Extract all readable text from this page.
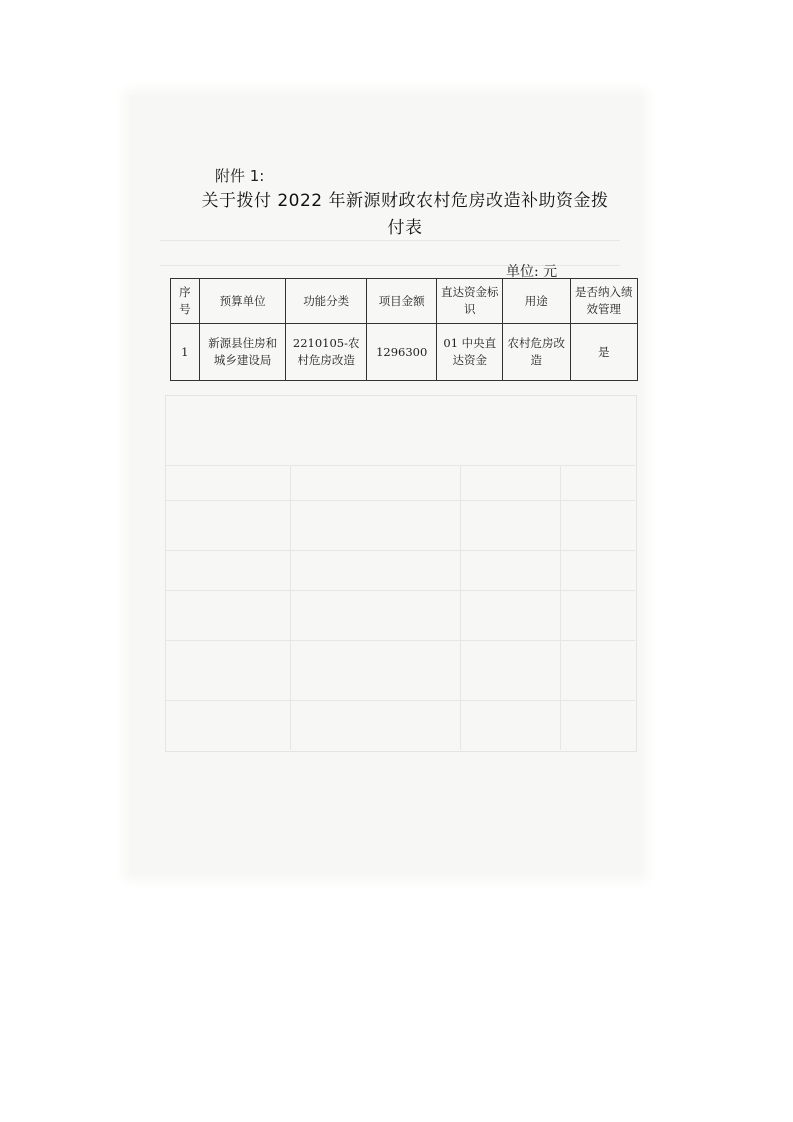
附件 1:
关于拨付 2022 年新源财政农村危房改造补助资金拨付表
单位: 元
序号	预算单位	功能分类	项目金额	直达资金标识	用途	是否纳入绩效管理
1	新源县住房和城乡建设局	2210105-农村危房改造	1296300	01 中央直达资金	农村危房改造	是
